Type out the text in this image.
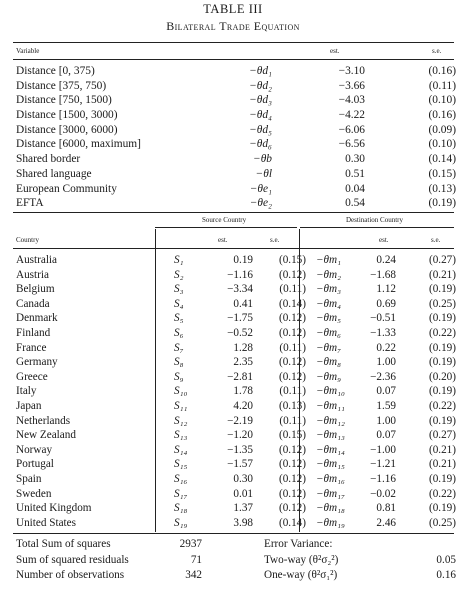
TABLE III
Bilateral Trade Equation
Variable	est.	s.e.
Distance [0, 375)	−θd₁	−3.10	(0.16)
Distance [375, 750)	−θd₂	−3.66	(0.11)
Distance [750, 1500)	−θd₃	−4.03	(0.10)
Distance [1500, 3000)	−θd₄	−4.22	(0.16)
Distance [3000, 6000)	−θd₅	−6.06	(0.09)
Distance [6000, maximum]	−θd₆	−6.56	(0.10)
Shared border	−θb	0.30	(0.14)
Shared language	−θl	0.51	(0.15)
European Community	−θe₁	0.04	(0.13)
EFTA	−θe₂	0.54	(0.19)
Source Country	Destination Country
Country	est.	s.e.	est.	s.e.
Australia	S₁	0.19 (0.15) −θm₁	0.24	(0.27)
Austria	S₂	−1.16 (0.12) −θm₂	−1.68	(0.21)
Belgium	S₃	−3.34 (0.11) −θm₃	1.12	(0.19)
Canada	S₄	0.41 (0.14) −θm₄	0.69	(0.25)
Denmark	S₅	−1.75 (0.12) −θm₅	−0.51	(0.19)
Finland	S₆	−0.52 (0.12) −θm₆	−1.33	(0.22)
France	S₇	1.28 (0.11) −θm₇	0.22	(0.19)
Germany	S₈	2.35 (0.12) −θm₈	1.00	(0.19)
Greece	S₉	−2.81 (0.12) −θm₉	−2.36	(0.20)
Italy	S₁₀	1.78 (0.11) −θm₁₀	0.07	(0.19)
Japan	S₁₁	4.20 (0.13) −θm₁₁	1.59	(0.22)
Netherlands	S₁₂	−2.19 (0.11) −θm₁₂	1.00	(0.19)
New Zealand	S₁₃	−1.20 (0.15) −θm₁₃	0.07	(0.27)
Norway	S₁₄	−1.35 (0.12) −θm₁₄ −1.00	(0.21)
Portugal	S₁₅	−1.57 (0.12) −θm₁₅ −1.21	(0.21)
Spain	S₁₆	0.30 (0.12) −θm₁₆ −1.16	(0.19)
Sweden	S₁₇	0.01 (0.12) −θm₁₇ −0.02	(0.22)
United Kingdom	S₁₈	1.37 (0.12) −θm₁₈	0.81	(0.19)
United States	S₁₉	3.98 (0.14) −θm₁₉	2.46	(0.25)
Total Sum of squares	2937	Error Variance:
Sum of squared residuals	71	Two-way (θ²σ₂²)	0.05
Number of observations	342	One-way (θ²σ₁²)	0.16
